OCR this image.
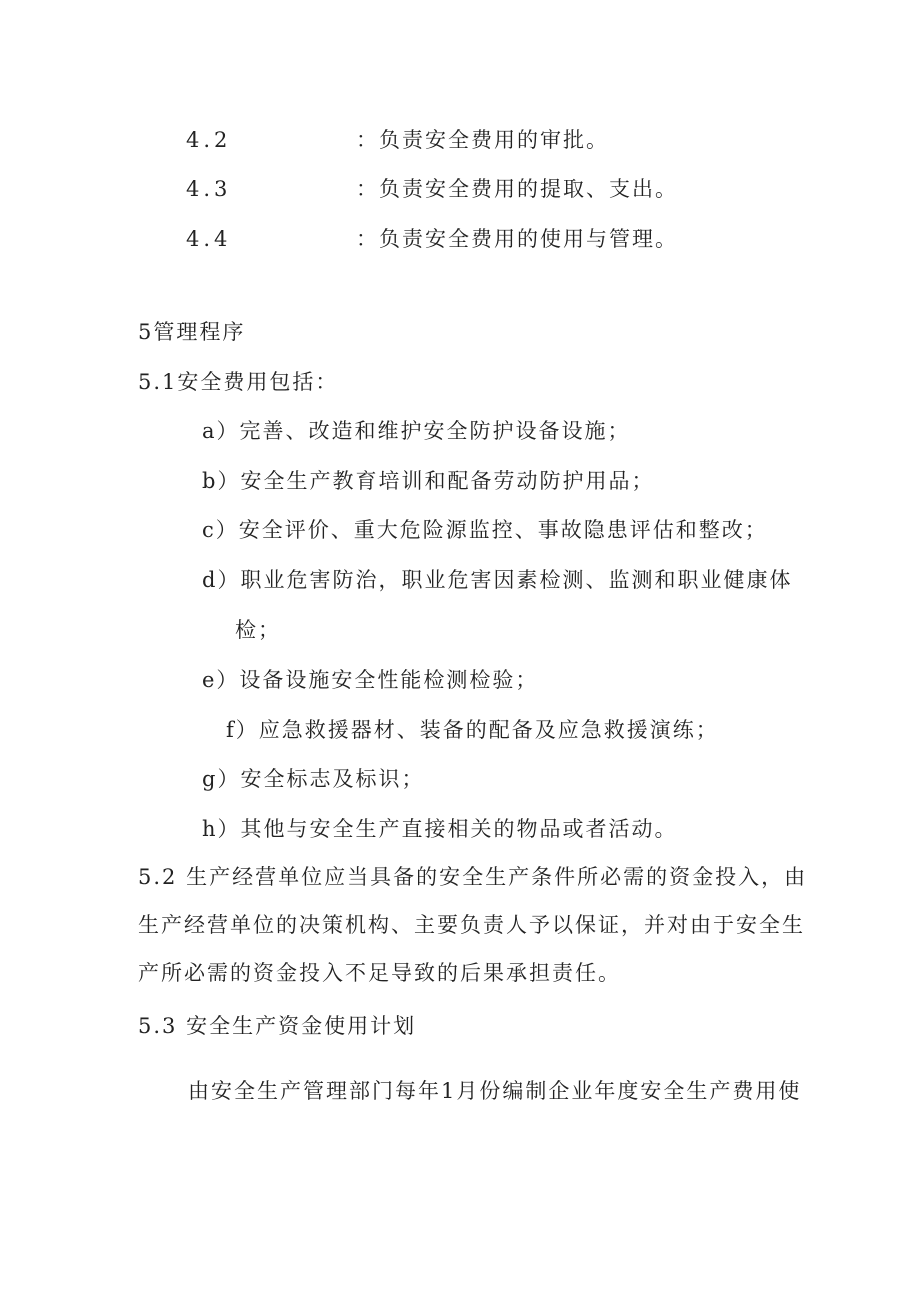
4.2	：负责安全费用的审批。
4.3	：负责安全费用的提取、支出。
4.4	：负责安全费用的使用与管理。
5管理程序
5.1安全费用包括：
a）完善、改造和维护安全防护设备设施；
b）安全生产教育培训和配备劳动防护用品；
c）安全评价、重大危险源监控、事故隐患评估和整改；
d）职业危害防治，职业危害因素检测、监测和职业健康体
检；
e）设备设施安全性能检测检验；
f）应急救援器材、装备的配备及应急救援演练；
g）安全标志及标识；
h）其他与安全生产直接相关的物品或者活动。
5.2 生产经营单位应当具备的安全生产条件所必需的资金投入，由
生产经营单位的决策机构、主要负责人予以保证，并对由于安全生
产所必需的资金投入不足导致的后果承担责任。
5.3 安全生产资金使用计划
由安全生产管理部门每年1月份编制企业年度安全生产费用使
